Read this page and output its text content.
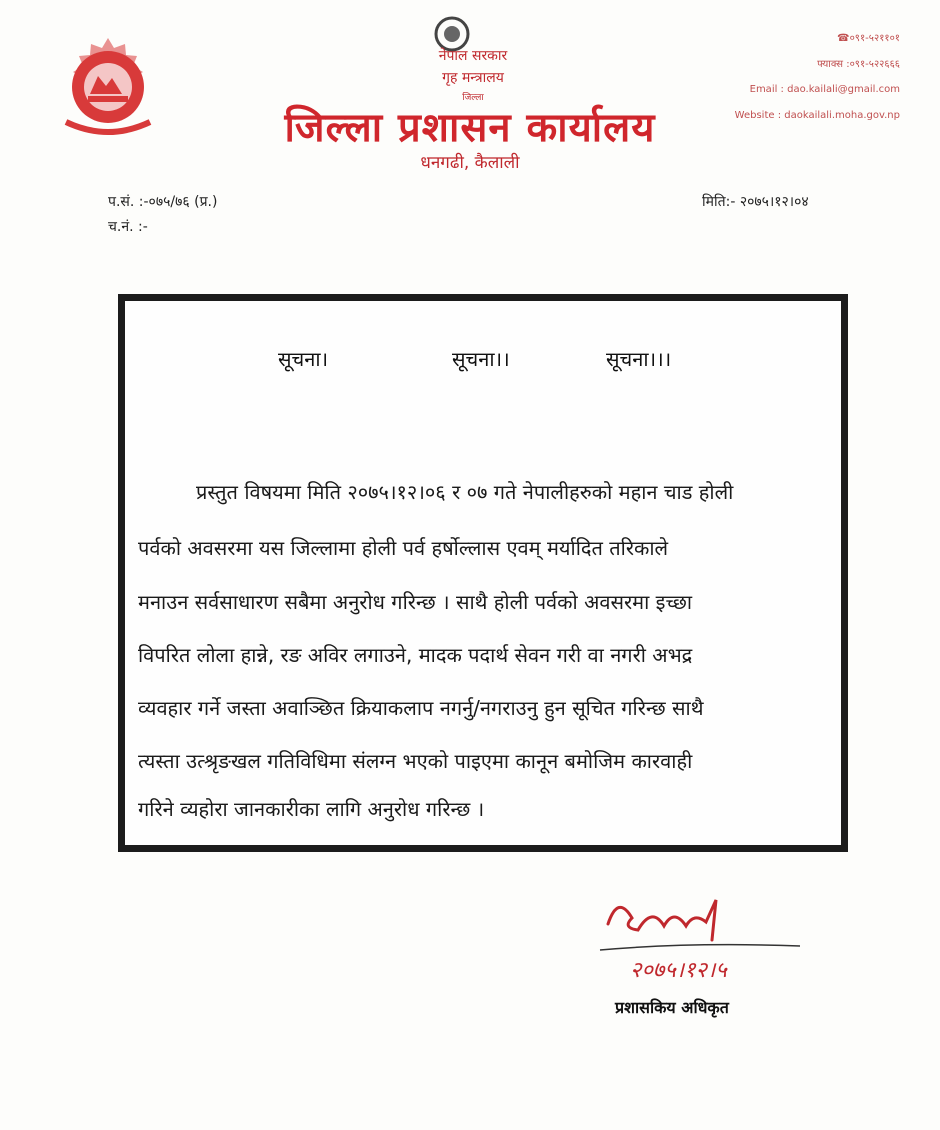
नेपाल सरकार
गृह मन्त्रालय
जिल्ला
जिल्ला प्रशासन कार्यालय
धनगढी, कैलाली
☎०९१-५२११०१
फ्याक्स :०९१-५२२६६६
Email : dao.kailali@gmail.com
Website : daokailali.moha.gov.np
प.सं. :-०७५/७६ (प्र.)
च.नं. :-
मिति:- २०७५।१२।०४
सूचना।	सूचना।।	सूचना।।।
प्रस्तुत विषयमा मिति २०७५।१२।०६ र ०७ गते नेपालीहरुको महान चाड होली
पर्वको अवसरमा यस जिल्लामा होली पर्व हर्षोल्लास एवम् मर्यादित तरिकाले
मनाउन सर्वसाधारण सबैमा अनुरोध गरिन्छ । साथै होली पर्वको अवसरमा इच्छा
विपरित लोला हान्ने, रङ अविर लगाउने, मादक पदार्थ सेवन गरी वा नगरी अभद्र
व्यवहार गर्ने जस्ता अवाञ्छित क्रियाकलाप नगर्नु/नगराउनु हुन सूचित गरिन्छ साथै
त्यस्ता उत्श्रृङखल गतिविधिमा संलग्न भएको पाइएमा कानून बमोजिम कारवाही
गरिने व्यहोरा जानकारीका लागि अनुरोध गरिन्छ ।
२०७५।१२।५
प्रशासकिय अधिकृत
